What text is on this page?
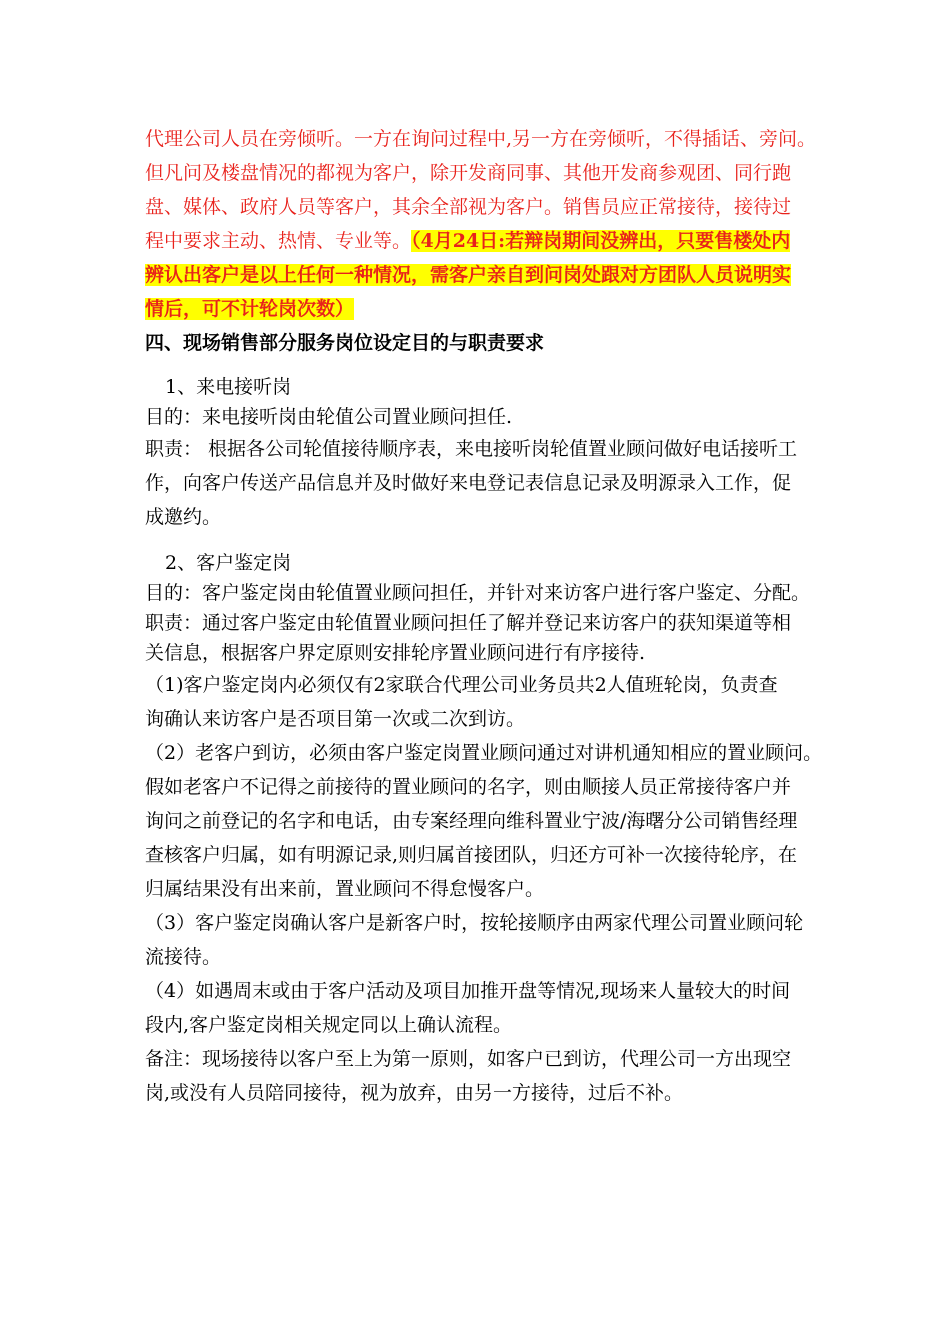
代理公司人员在旁倾听。一方在询问过程中,另一方在旁倾听，不得插话、旁问。

但凡问及楼盘情况的都视为客户，除开发商同事、其他开发商参观团、同行跑

盘、媒体、政府人员等客户，其余全部视为客户。销售员应正常接待，接待过

程中要求主动、热情、专业等。（4月24日:若辩岗期间没辨出，只要售楼处内

辨认出客户是以上任何一种情况，需客户亲自到问岗处跟对方团队人员说明实

情后，可不计轮岗次数）

四、现场销售部分服务岗位设定目的与职责要求

1、来电接听岗

目的：来电接听岗由轮值公司置业顾问担任.

职责： 根据各公司轮值接待顺序表，来电接听岗轮值置业顾问做好电话接听工

作，向客户传送产品信息并及时做好来电登记表信息记录及明源录入工作，促

成邀约。

2、客户鉴定岗

目的：客户鉴定岗由轮值置业顾问担任，并针对来访客户进行客户鉴定、分配。

职责：通过客户鉴定由轮值置业顾问担任了解并登记来访客户的获知渠道等相

关信息，根据客户界定原则安排轮序置业顾问进行有序接待.

（1)客户鉴定岗内必须仅有2家联合代理公司业务员共2人值班轮岗，负责查

询确认来访客户是否项目第一次或二次到访。

（2）老客户到访，必须由客户鉴定岗置业顾问通过对讲机通知相应的置业顾问。

假如老客户不记得之前接待的置业顾问的名字，则由顺接人员正常接待客户并

询问之前登记的名字和电话，由专案经理向维科置业宁波/海曙分公司销售经理

查核客户归属，如有明源记录,则归属首接团队，归还方可补一次接待轮序，在

归属结果没有出来前，置业顾问不得怠慢客户。

（3）客户鉴定岗确认客户是新客户时，按轮接顺序由两家代理公司置业顾问轮

流接待。

（4）如遇周末或由于客户活动及项目加推开盘等情况,现场来人量较大的时间

段内,客户鉴定岗相关规定同以上确认流程。

备注：现场接待以客户至上为第一原则，如客户已到访，代理公司一方出现空

岗,或没有人员陪同接待，视为放弃，由另一方接待，过后不补。
